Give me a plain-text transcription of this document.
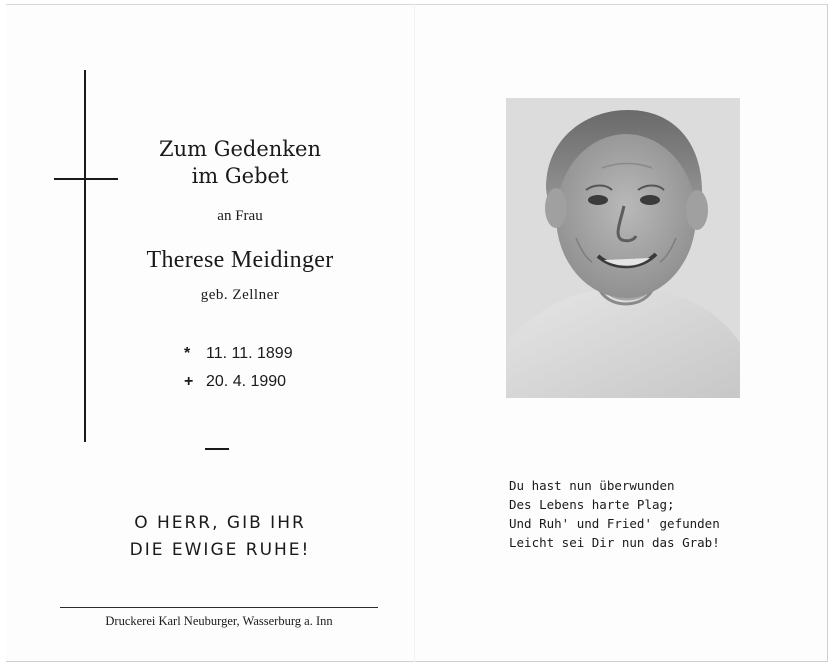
Zum Gedenken
im Gebet
an Frau
Therese Meidinger
geb. Zellner
* 11. 11. 1899
+ 20. 4. 1990
O HERR, GIB IHR
DIE EWIGE RUHE!
Druckerei Karl Neuburger, Wasserburg a. Inn
Du hast nun überwunden
Des Lebens harte Plag;
Und Ruh' und Fried' gefunden
Leicht sei Dir nun das Grab!
